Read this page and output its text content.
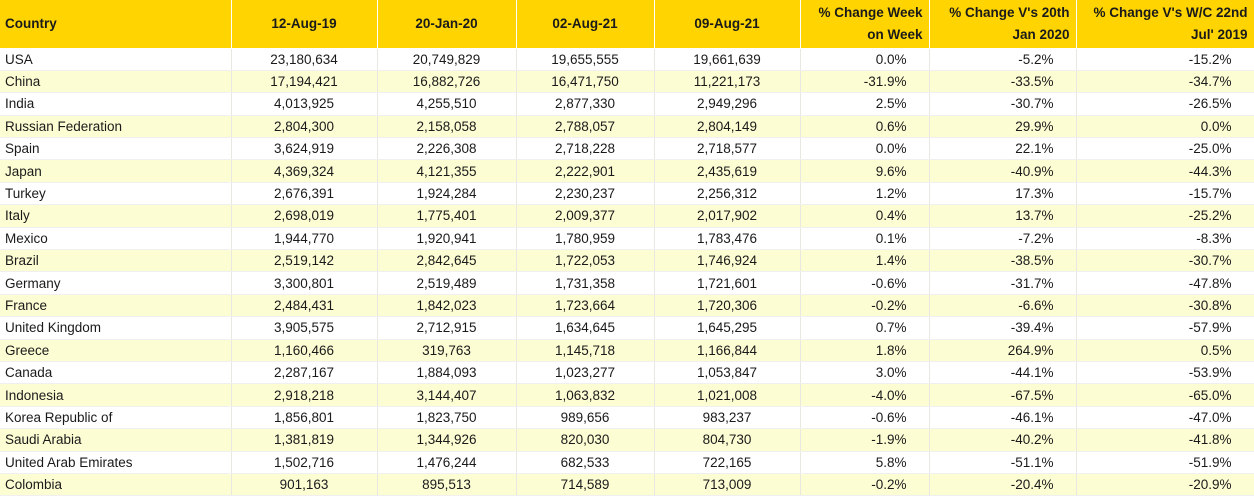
Country	12-Aug-19	20-Jan-20	02-Aug-21	09-Aug-21	% Change Week on Week	% Change V's 20th Jan 2020	% Change V's W/C 22nd Jul' 2019
USA	23,180,634	20,749,829	19,655,555	19,661,639	0.0%	-5.2%	-15.2%
China	17,194,421	16,882,726	16,471,750	11,221,173	-31.9%	-33.5%	-34.7%
India	4,013,925	4,255,510	2,877,330	2,949,296	2.5%	-30.7%	-26.5%
Russian Federation	2,804,300	2,158,058	2,788,057	2,804,149	0.6%	29.9%	0.0%
Spain	3,624,919	2,226,308	2,718,228	2,718,577	0.0%	22.1%	-25.0%
Japan	4,369,324	4,121,355	2,222,901	2,435,619	9.6%	-40.9%	-44.3%
Turkey	2,676,391	1,924,284	2,230,237	2,256,312	1.2%	17.3%	-15.7%
Italy	2,698,019	1,775,401	2,009,377	2,017,902	0.4%	13.7%	-25.2%
Mexico	1,944,770	1,920,941	1,780,959	1,783,476	0.1%	-7.2%	-8.3%
Brazil	2,519,142	2,842,645	1,722,053	1,746,924	1.4%	-38.5%	-30.7%
Germany	3,300,801	2,519,489	1,731,358	1,721,601	-0.6%	-31.7%	-47.8%
France	2,484,431	1,842,023	1,723,664	1,720,306	-0.2%	-6.6%	-30.8%
United Kingdom	3,905,575	2,712,915	1,634,645	1,645,295	0.7%	-39.4%	-57.9%
Greece	1,160,466	319,763	1,145,718	1,166,844	1.8%	264.9%	0.5%
Canada	2,287,167	1,884,093	1,023,277	1,053,847	3.0%	-44.1%	-53.9%
Indonesia	2,918,218	3,144,407	1,063,832	1,021,008	-4.0%	-67.5%	-65.0%
Korea Republic of	1,856,801	1,823,750	989,656	983,237	-0.6%	-46.1%	-47.0%
Saudi Arabia	1,381,819	1,344,926	820,030	804,730	-1.9%	-40.2%	-41.8%
United Arab Emirates	1,502,716	1,476,244	682,533	722,165	5.8%	-51.1%	-51.9%
Colombia	901,163	895,513	714,589	713,009	-0.2%	-20.4%	-20.9%
